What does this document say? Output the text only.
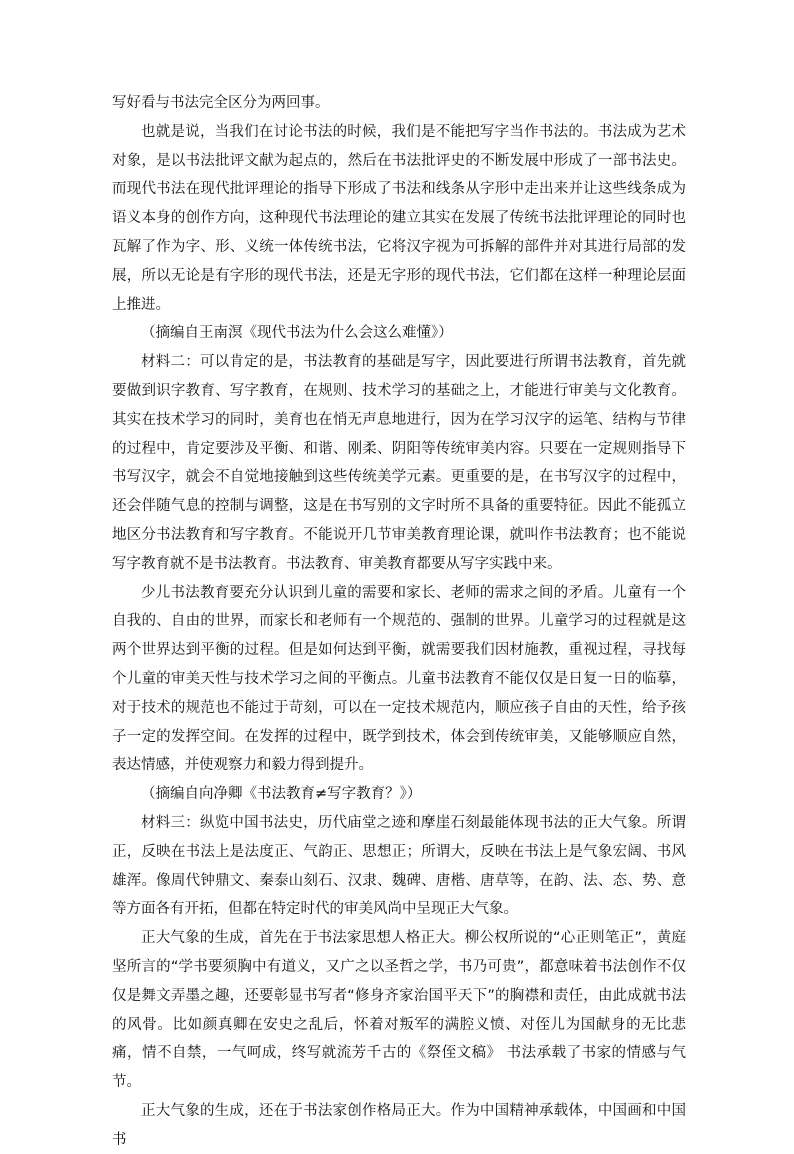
写好看与书法完全区分为两回事。

也就是说，当我们在讨论书法的时候，我们是不能把写字当作书法的。书法成为艺术对象，是以书法批评文献为起点的，然后在书法批评史的不断发展中形成了一部书法史。而现代书法在现代批评理论的指导下形成了书法和线条从字形中走出来并让这些线条成为语义本身的创作方向，这种现代书法理论的建立其实在发展了传统书法批评理论的同时也瓦解了作为字、形、义统一体传统书法，它将汉字视为可拆解的部件并对其进行局部的发展，所以无论是有字形的现代书法，还是无字形的现代书法，它们都在这样一种理论层面上推进。

（摘编自王南溟《现代书法为什么会这么难懂》）

材料二：可以肯定的是，书法教育的基础是写字，因此要进行所谓书法教育，首先就要做到识字教育、写字教育，在规则、技术学习的基础之上，才能进行审美与文化教育。其实在技术学习的同时，美育也在悄无声息地进行，因为在学习汉字的运笔、结构与节律的过程中，肯定要涉及平衡、和谐、刚柔、阴阳等传统审美内容。只要在一定规则指导下书写汉字，就会不自觉地接触到这些传统美学元素。更重要的是，在书写汉字的过程中，还会伴随气息的控制与调整，这是在书写别的文字时所不具备的重要特征。因此不能孤立地区分书法教育和写字教育。不能说开几节审美教育理论课，就叫作书法教育；也不能说写字教育就不是书法教育。书法教育、审美教育都要从写字实践中来。

少儿书法教育要充分认识到儿童的需要和家长、老师的需求之间的矛盾。儿童有一个自我的、自由的世界，而家长和老师有一个规范的、强制的世界。儿童学习的过程就是这两个世界达到平衡的过程。但是如何达到平衡，就需要我们因材施教，重视过程，寻找每个儿童的审美天性与技术学习之间的平衡点。儿童书法教育不能仅仅是日复一日的临摹，对于技术的规范也不能过于苛刻，可以在一定技术规范内，顺应孩子自由的天性，给予孩子一定的发挥空间。在发挥的过程中，既学到技术，体会到传统审美，又能够顺应自然，表达情感，并使观察力和毅力得到提升。

（摘编自向净卿《书法教育≠写字教育？》）

材料三：纵览中国书法史，历代庙堂之迹和摩崖石刻最能体现书法的正大气象。所谓正，反映在书法上是法度正、气韵正、思想正；所谓大，反映在书法上是气象宏阔、书风雄浑。像周代钟鼎文、秦泰山刻石、汉隶、魏碑、唐楷、唐草等，在韵、法、态、势、意等方面各有开拓，但都在特定时代的审美风尚中呈现正大气象。

正大气象的生成，首先在于书法家思想人格正大。柳公权所说的“心正则笔正”，黄庭坚所言的“学书要须胸中有道义，又广之以圣哲之学，书乃可贵”，都意味着书法创作不仅仅是舞文弄墨之趣，还要彰显书写者“修身齐家治国平天下”的胸襟和责任，由此成就书法的风骨。比如颜真卿在安史之乱后，怀着对叛军的满腔义愤、对侄儿为国献身的无比悲痛，情不自禁，一气呵成，终写就流芳千古的《祭侄文稿》 书法承载了书家的情感与气节。

正大气象的生成，还在于书法家创作格局正大。作为中国精神承载体，中国画和中国书
